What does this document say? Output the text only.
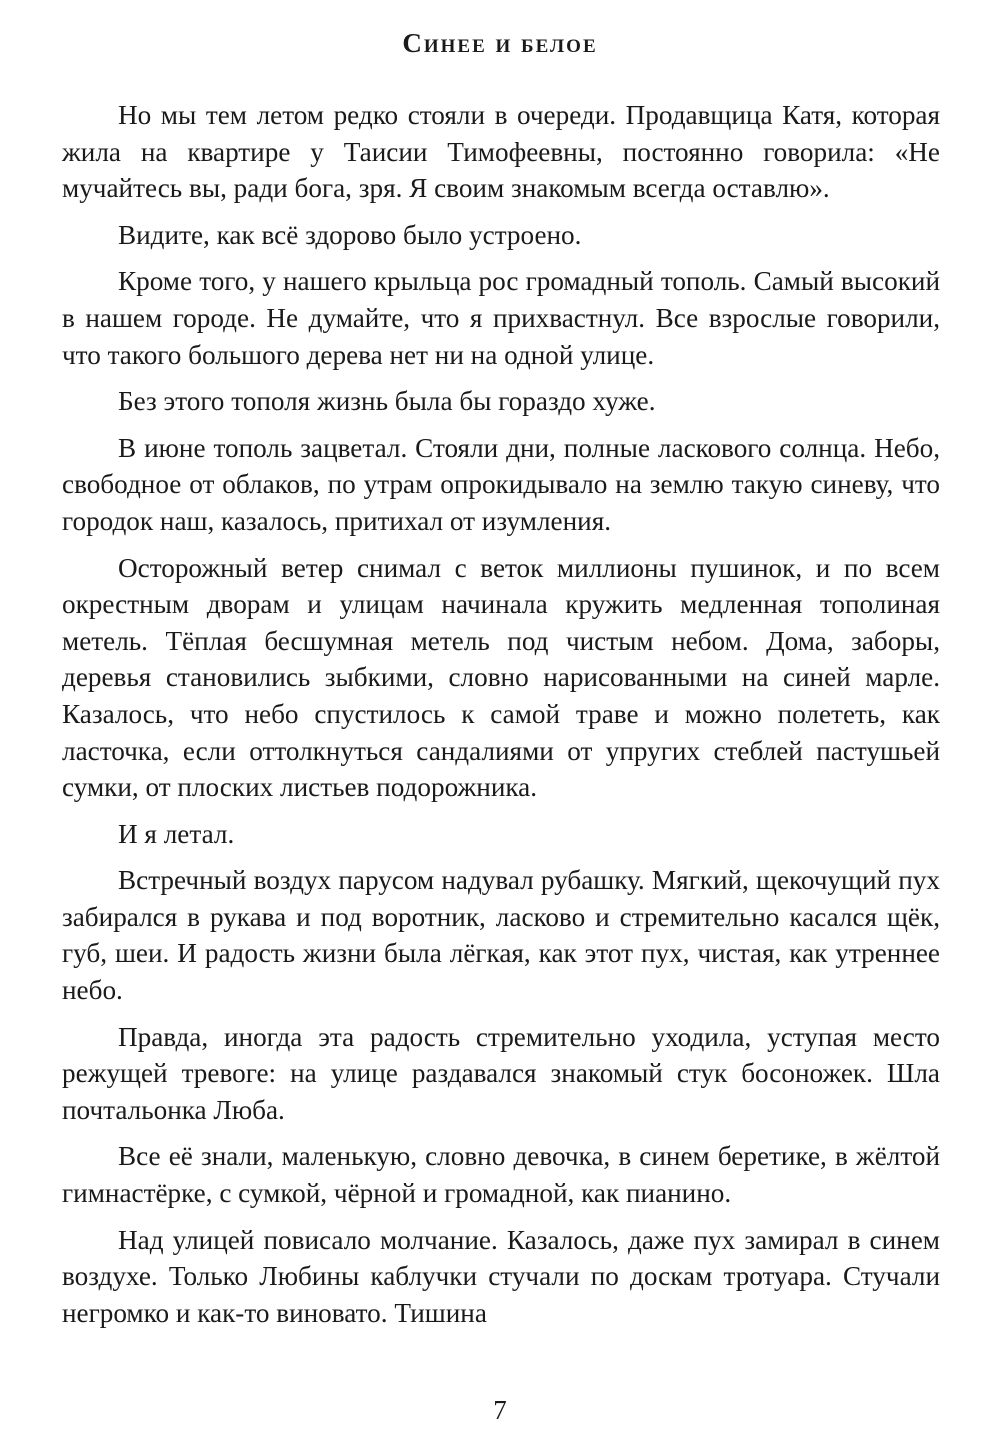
Синее и белое

Но мы тем летом редко стояли в очереди. Продавщица Катя, которая жила на квартире у Таисии Тимофеевны, постоянно говорила: «Не мучайтесь вы, ради бога, зря. Я своим знакомым всегда оставлю».

Видите, как всё здорово было устроено.

Кроме того, у нашего крыльца рос громадный тополь. Самый высокий в нашем городе. Не думайте, что я прихвастнул. Все взрослые говорили, что такого большого дерева нет ни на одной улице.

Без этого тополя жизнь была бы гораздо хуже.

В июне тополь зацветал. Стояли дни, полные ласкового солнца. Небо, свободное от облаков, по утрам опрокидывало на землю такую синеву, что городок наш, казалось, притихал от изумления.

Осторожный ветер снимал с веток миллионы пушинок, и по всем окрестным дворам и улицам начинала кружить медленная тополиная метель. Тёплая бесшумная метель под чистым небом. Дома, заборы, деревья становились зыбкими, словно нарисованными на синей марле. Казалось, что небо спустилось к самой траве и можно полететь, как ласточка, если оттолкнуться сандалиями от упругих стеблей пастушьей сумки, от плоских листьев подорожника.

И я летал.

Встречный воздух парусом надувал рубашку. Мягкий, щекочущий пух забирался в рукава и под воротник, ласково и стремительно касался щёк, губ, шеи. И радость жизни была лёгкая, как этот пух, чистая, как утреннее небо.

Правда, иногда эта радость стремительно уходила, уступая место режущей тревоге: на улице раздавался знакомый стук босоножек. Шла почтальонка Люба.

Все её знали, маленькую, словно девочка, в синем беретике, в жёлтой гимнастёрке, с сумкой, чёрной и громадной, как пианино.

Над улицей повисало молчание. Казалось, даже пух замирал в синем воздухе. Только Любины каблучки стучали по доскам тротуара. Стучали негромко и как-то виновато. Тишина

7
